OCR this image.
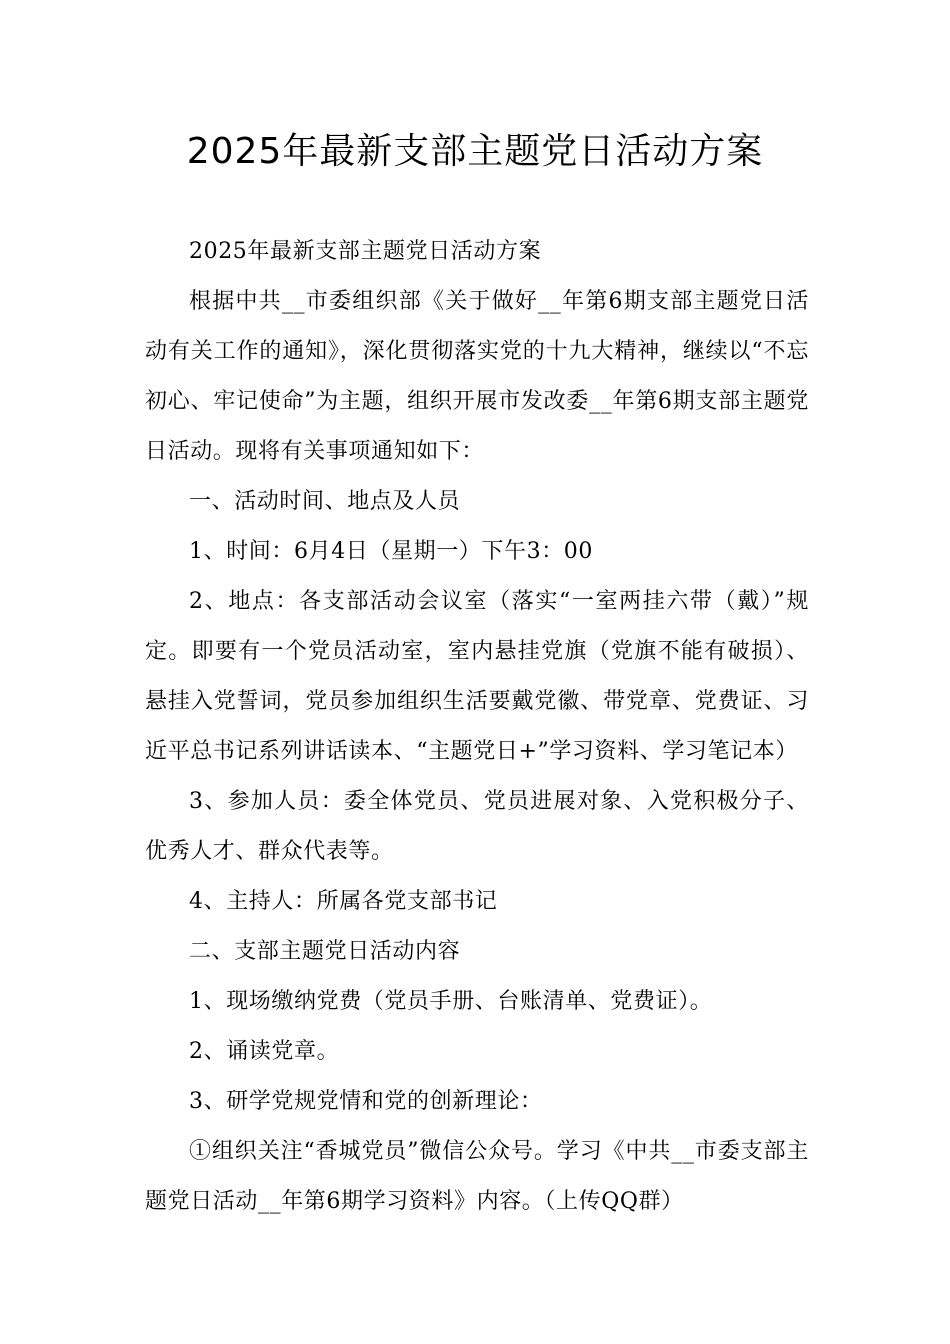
2025年最新支部主题党日活动方案

2025年最新支部主题党日活动方案

根据中共__市委组织部《关于做好__年第6期支部主题党日活动有关工作的通知》，深化贯彻落实党的十九大精神，继续以“不忘初心、牢记使命”为主题，组织开展市发改委__年第6期支部主题党日活动。现将有关事项通知如下：

一、活动时间、地点及人员

1、时间：6月4日（星期一）下午3：00

2、地点：各支部活动会议室（落实“一室两挂六带（戴）”规定。即要有一个党员活动室，室内悬挂党旗（党旗不能有破损）、悬挂入党誓词，党员参加组织生活要戴党徽、带党章、党费证、习近平总书记系列讲话读本、“主题党日+”学习资料、学习笔记本）

3、参加人员：委全体党员、党员进展对象、入党积极分子、优秀人才、群众代表等。

4、主持人：所属各党支部书记

二、支部主题党日活动内容

1、现场缴纳党费（党员手册、台账清单、党费证）。

2、诵读党章。

3、研学党规党情和党的创新理论：

①组织关注“香城党员”微信公众号。学习《中共__市委支部主题党日活动__年第6期学习资料》内容。（上传QQ群）
